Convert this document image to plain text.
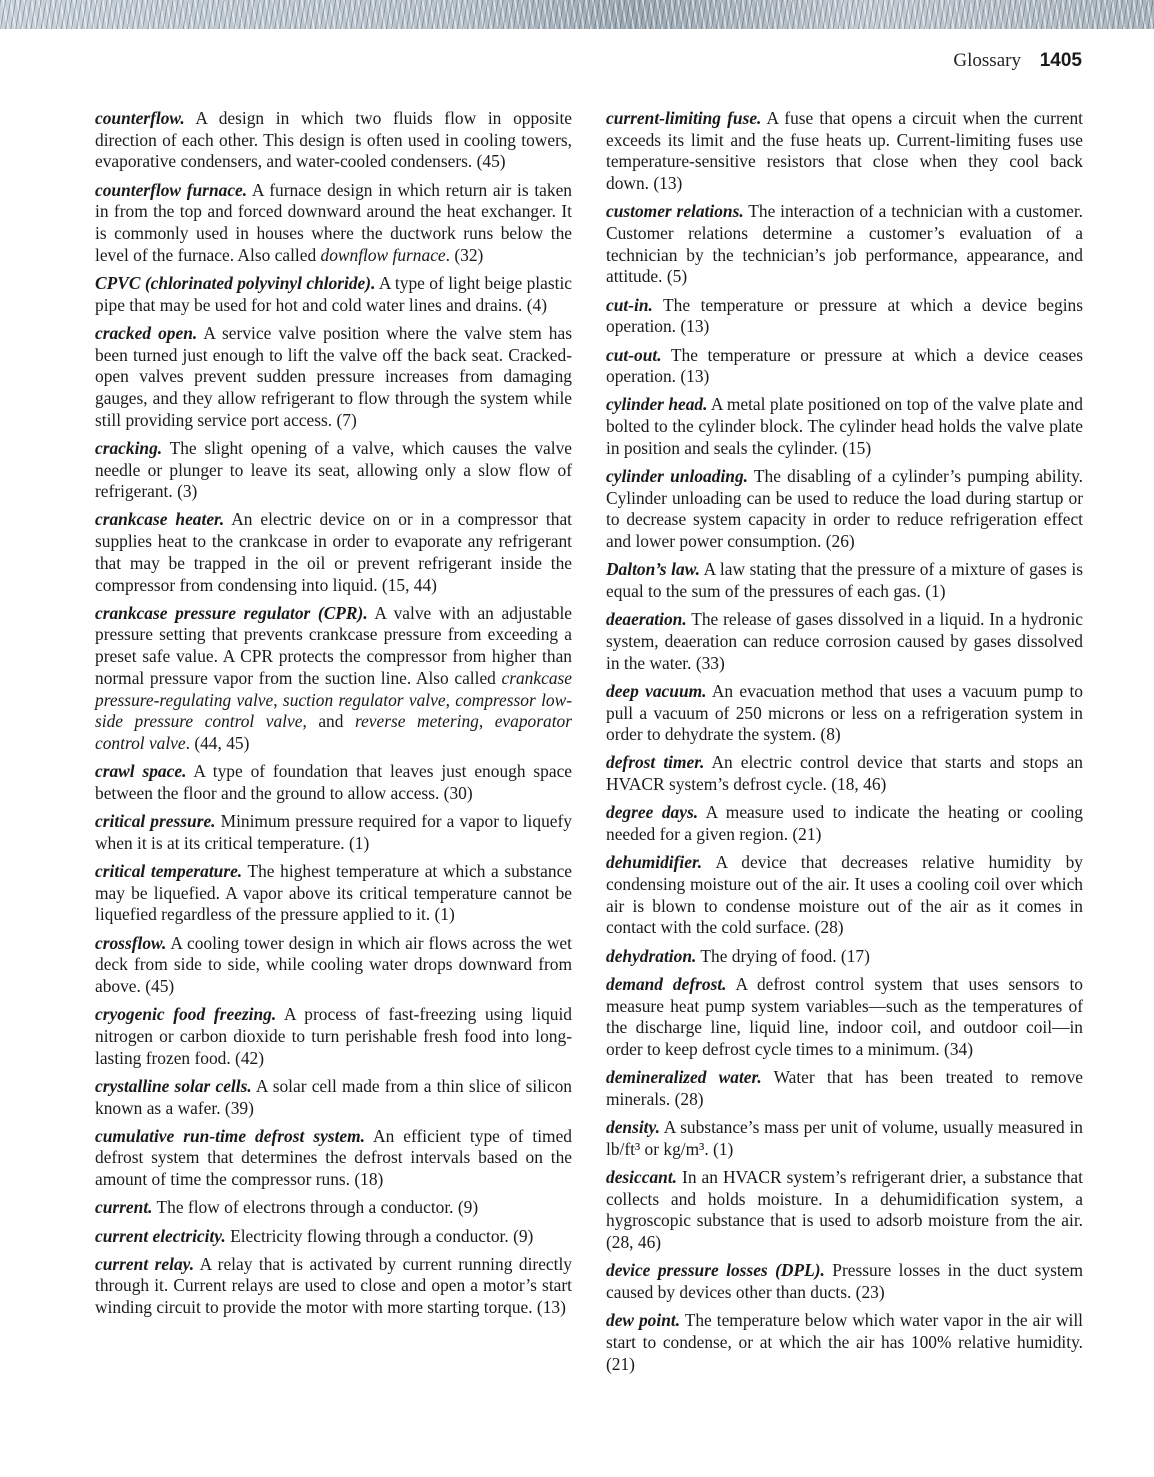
Glossary 1405

counterflow. A design in which two fluids flow in opposite direction of each other. This design is often used in cooling towers, evaporative condensers, and water-cooled condensers. (45)

counterflow furnace. A furnace design in which return air is taken in from the top and forced downward around the heat exchanger. It is commonly used in houses where the ductwork runs below the level of the furnace. Also called downflow furnace. (32)

CPVC (chlorinated polyvinyl chloride). A type of light beige plastic pipe that may be used for hot and cold water lines and drains. (4)

cracked open. A service valve position where the valve stem has been turned just enough to lift the valve off the back seat. Cracked-open valves prevent sudden pressure increases from damaging gauges, and they allow refrigerant to flow through the system while still providing service port access. (7)

cracking. The slight opening of a valve, which causes the valve needle or plunger to leave its seat, allowing only a slow flow of refrigerant. (3)

crankcase heater. An electric device on or in a compressor that supplies heat to the crankcase in order to evaporate any refrigerant that may be trapped in the oil or prevent refrigerant inside the compressor from condensing into liquid. (15, 44)

crankcase pressure regulator (CPR). A valve with an adjustable pressure setting that prevents crankcase pressure from exceeding a preset safe value. A CPR protects the compressor from higher than normal pressure vapor from the suction line. Also called crankcase pressure-regulating valve, suction regulator valve, compressor low-side pressure control valve, and reverse metering, evaporator control valve. (44, 45)

crawl space. A type of foundation that leaves just enough space between the floor and the ground to allow access. (30)

critical pressure. Minimum pressure required for a vapor to liquefy when it is at its critical temperature. (1)

critical temperature. The highest temperature at which a substance may be liquefied. A vapor above its critical temperature cannot be liquefied regardless of the pressure applied to it. (1)

crossflow. A cooling tower design in which air flows across the wet deck from side to side, while cooling water drops downward from above. (45)

cryogenic food freezing. A process of fast-freezing using liquid nitrogen or carbon dioxide to turn perishable fresh food into long-lasting frozen food. (42)

crystalline solar cells. A solar cell made from a thin slice of silicon known as a wafer. (39)

cumulative run-time defrost system. An efficient type of timed defrost system that determines the defrost intervals based on the amount of time the compressor runs. (18)

current. The flow of electrons through a conductor. (9)

current electricity. Electricity flowing through a conductor. (9)

current relay. A relay that is activated by current running directly through it. Current relays are used to close and open a motor’s start winding circuit to provide the motor with more starting torque. (13)

current-limiting fuse. A fuse that opens a circuit when the current exceeds its limit and the fuse heats up. Current-limiting fuses use temperature-sensitive resistors that close when they cool back down. (13)

customer relations. The interaction of a technician with a customer. Customer relations determine a customer’s evaluation of a technician by the technician’s job performance, appearance, and attitude. (5)

cut-in. The temperature or pressure at which a device begins operation. (13)

cut-out. The temperature or pressure at which a device ceases operation. (13)

cylinder head. A metal plate positioned on top of the valve plate and bolted to the cylinder block. The cylinder head holds the valve plate in position and seals the cylinder. (15)

cylinder unloading. The disabling of a cylinder’s pumping ability. Cylinder unloading can be used to reduce the load during startup or to decrease system capacity in order to reduce refrigeration effect and lower power consumption. (26)

Dalton’s law. A law stating that the pressure of a mixture of gases is equal to the sum of the pressures of each gas. (1)

deaeration. The release of gases dissolved in a liquid. In a hydronic system, deaeration can reduce corrosion caused by gases dissolved in the water. (33)

deep vacuum. An evacuation method that uses a vacuum pump to pull a vacuum of 250 microns or less on a refrigeration system in order to dehydrate the system. (8)

defrost timer. An electric control device that starts and stops an HVACR system’s defrost cycle. (18, 46)

degree days. A measure used to indicate the heating or cooling needed for a given region. (21)

dehumidifier. A device that decreases relative humidity by condensing moisture out of the air. It uses a cooling coil over which air is blown to condense moisture out of the air as it comes in contact with the cold surface. (28)

dehydration. The drying of food. (17)

demand defrost. A defrost control system that uses sensors to measure heat pump system variables—such as the temperatures of the discharge line, liquid line, indoor coil, and outdoor coil—in order to keep defrost cycle times to a minimum. (34)

demineralized water. Water that has been treated to remove minerals. (28)

density. A substance’s mass per unit of volume, usually measured in lb/ft³ or kg/m³. (1)

desiccant. In an HVACR system’s refrigerant drier, a substance that collects and holds moisture. In a dehumidification system, a hygroscopic substance that is used to adsorb moisture from the air. (28, 46)

device pressure losses (DPL). Pressure losses in the duct system caused by devices other than ducts. (23)

dew point. The temperature below which water vapor in the air will start to condense, or at which the air has 100% relative humidity. (21)
